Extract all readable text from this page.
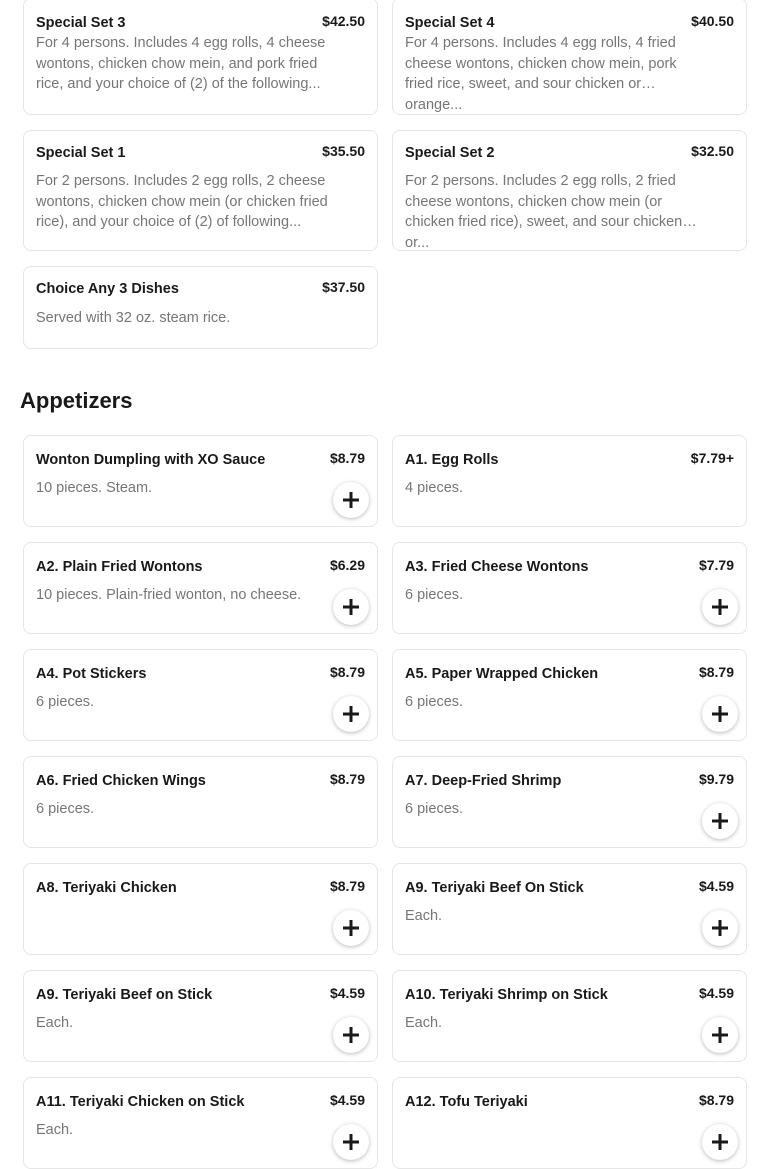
Special Set 3	$42.50
For 4 persons. Includes 4 egg rolls, 4 cheese wontons, chicken chow mein, and pork fried rice, and your choice of (2) of the following...
Special Set 4	$40.50
For 4 persons. Includes 4 egg rolls, 4 fried cheese wontons, chicken chow mein, pork fried rice, sweet, and sour chicken or orange...
Special Set 1	$35.50
For 2 persons. Includes 2 egg rolls, 2 cheese wontons, chicken chow mein (or chicken fried rice), and your choice of (2) of following...
Special Set 2	$32.50
For 2 persons. Includes 2 egg rolls, 2 fried cheese wontons, chicken chow mein (or chicken fried rice), sweet, and sour chicken or...
Choice Any 3 Dishes	$37.50
Served with 32 oz. steam rice.
Appetizers
Wonton Dumpling with XO Sauce	$8.79
10 pieces. Steam.
A1. Egg Rolls	$7.79+
4 pieces.
A2. Plain Fried Wontons	$6.29
10 pieces. Plain-fried wonton, no cheese.
A3. Fried Cheese Wontons	$7.79
6 pieces.
A4. Pot Stickers	$8.79
6 pieces.
A5. Paper Wrapped Chicken	$8.79
6 pieces.
A6. Fried Chicken Wings	$8.79
6 pieces.
A7. Deep-Fried Shrimp	$9.79
6 pieces.
A8. Teriyaki Chicken	$8.79	A9. Teriyaki Beef On Stick	$4.59
Each.
A9. Teriyaki Beef on Stick	$4.59
Each.
A10. Teriyaki Shrimp on Stick	$4.59
Each.
A11. Teriyaki Chicken on Stick	$4.59
Each.
A12. Tofu Teriyaki	$8.79
